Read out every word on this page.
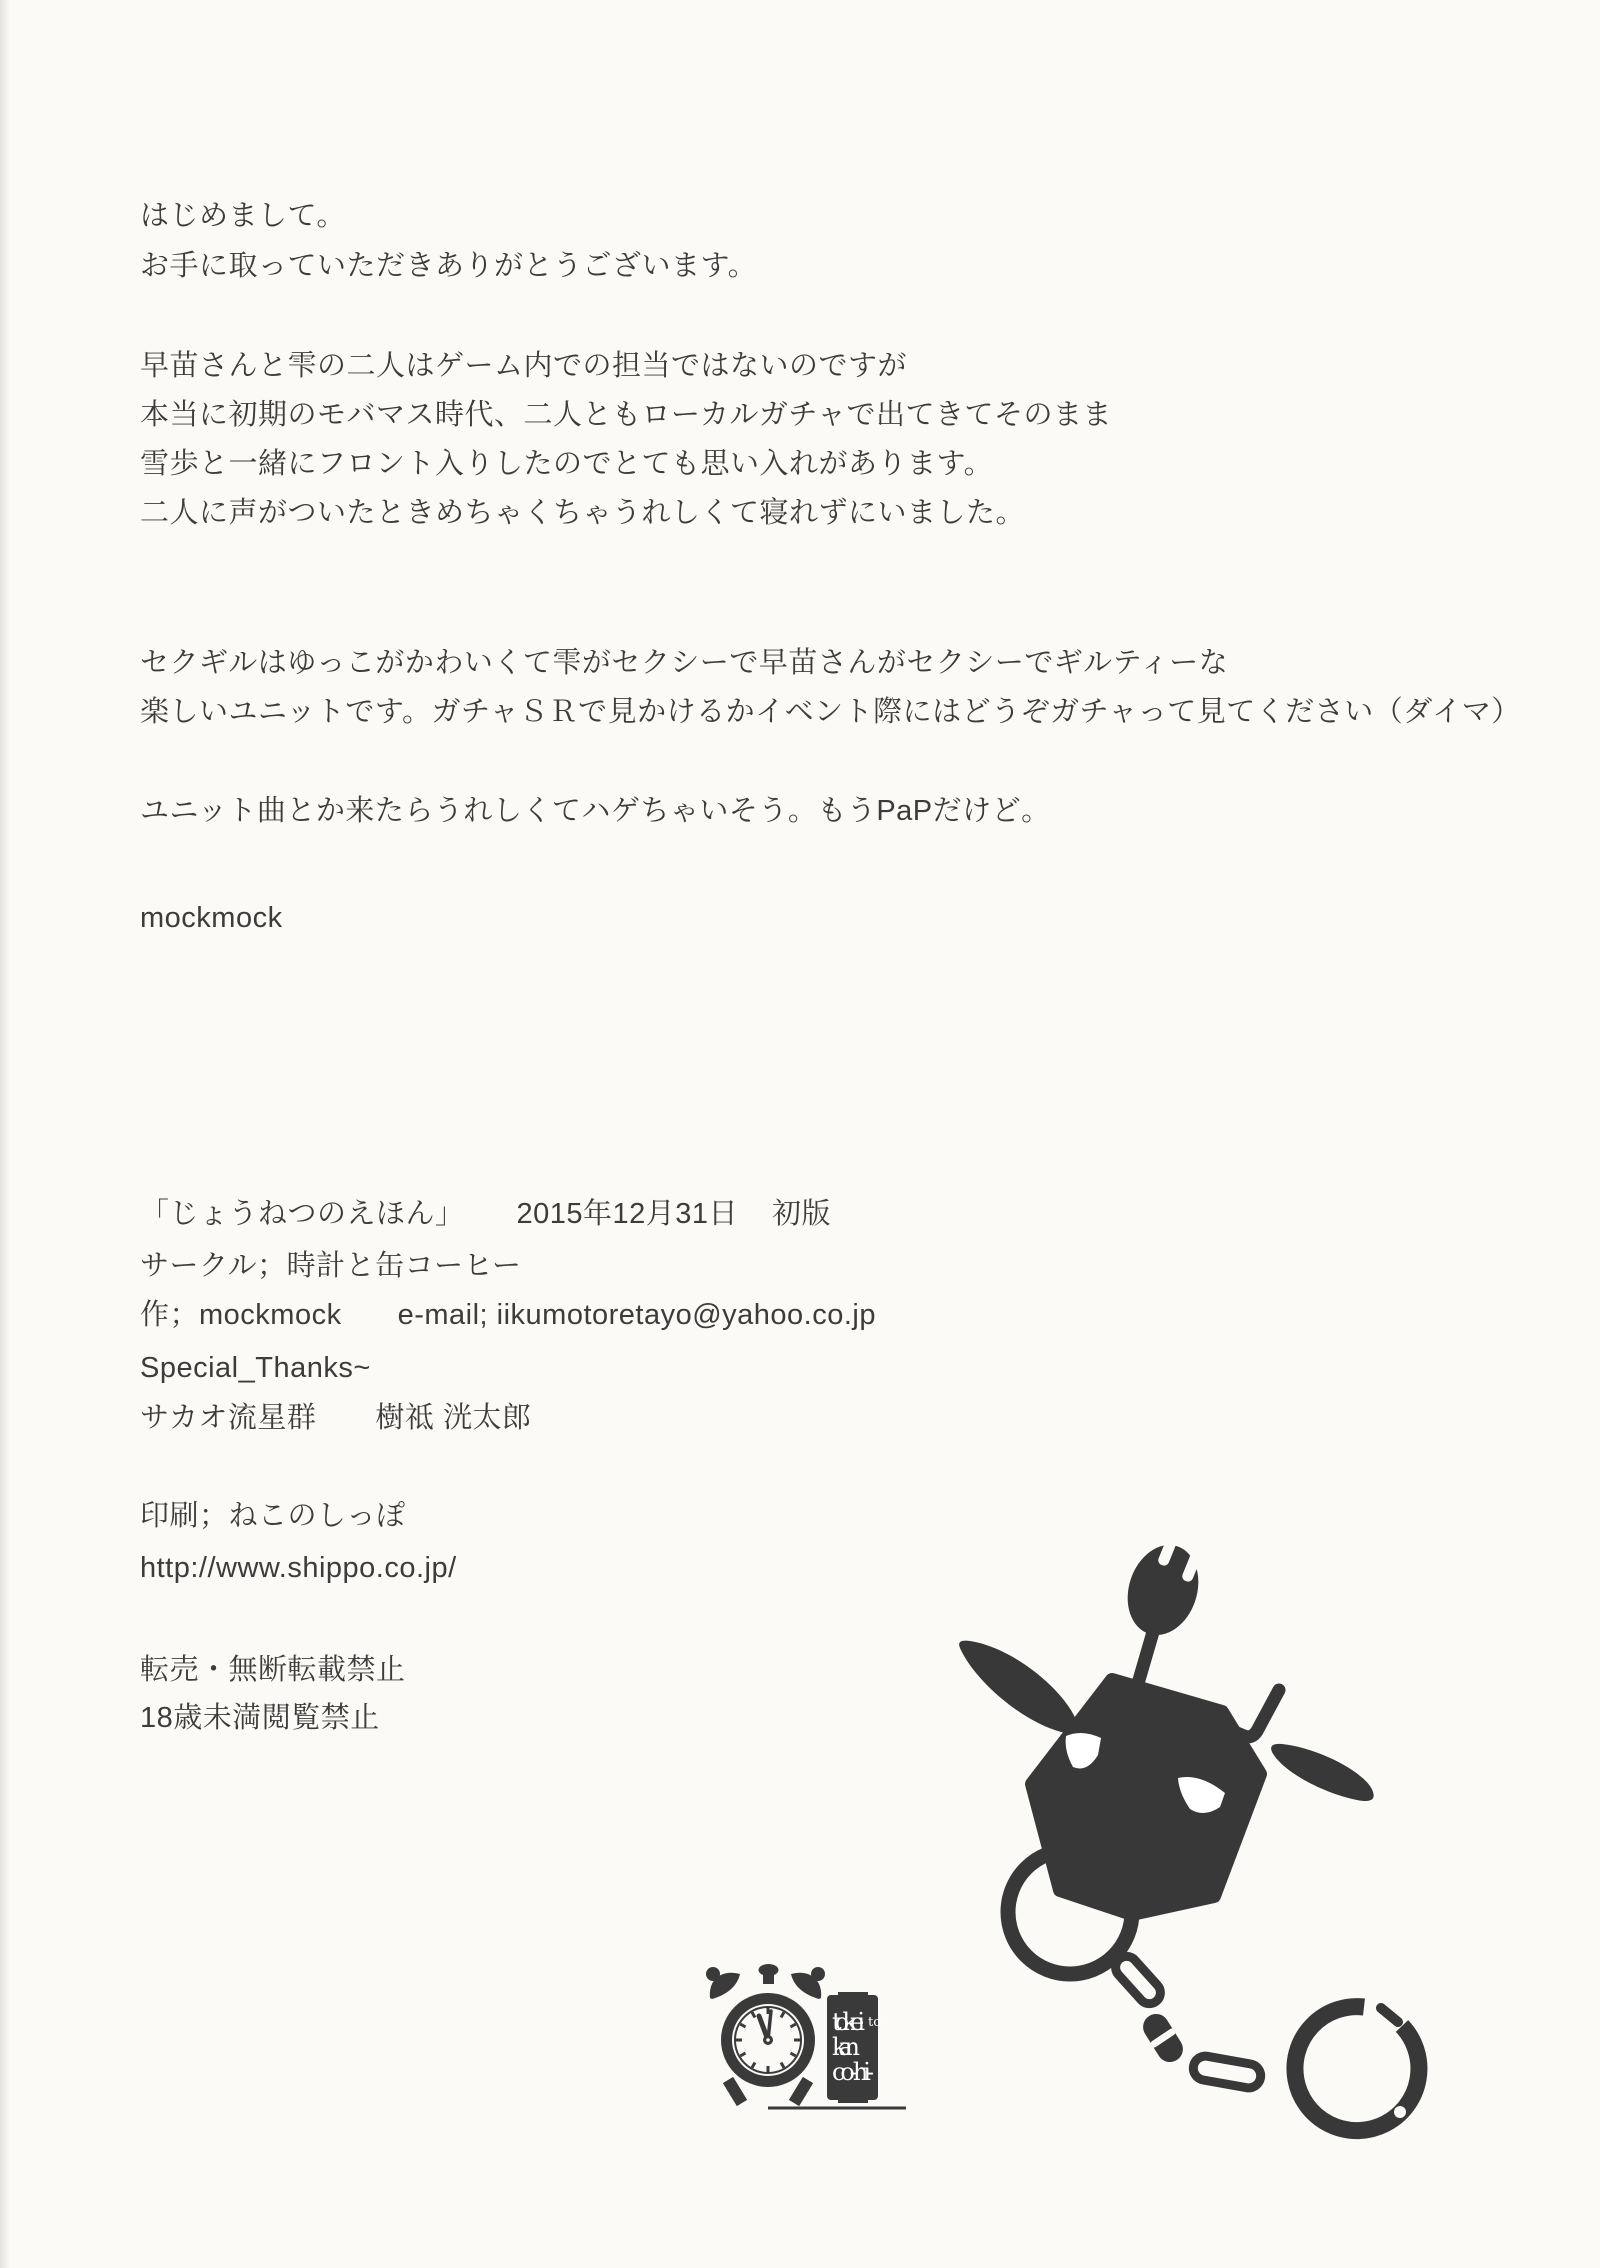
はじめまして。
お手に取っていただきありがとうございます。
早苗さんと雫の二人はゲーム内での担当ではないのですが
本当に初期のモバマス時代、二人ともローカルガチャで出てきてそのまま
雪歩と一緒にフロント入りしたのでとても思い入れがあります。
二人に声がついたときめちゃくちゃうれしくて寝れずにいました。
セクギルはゆっこがかわいくて雫がセクシーで早苗さんがセクシーでギルティーな
楽しいユニットです。ガチャＳＲで見かけるかイベント際にはどうぞガチャって見てください（ダイマ）
ユニット曲とか来たらうれしくてハゲちゃいそう。もうPaPだけど。
mockmock
「じょうねつのえほん」 2015年12月31日 初版
サークル；時計と缶コーヒー
作；mockmock e-mail; iikumotoretayo@yahoo.co.jp
Special_Thanks~
サカオ流星群　　樹祗 洸太郎
印刷；ねこのしっぽ
http://www.shippo.co.jp/
転売・無断転載禁止
18歳未満閲覧禁止
tokei to
kan
co-hi-
